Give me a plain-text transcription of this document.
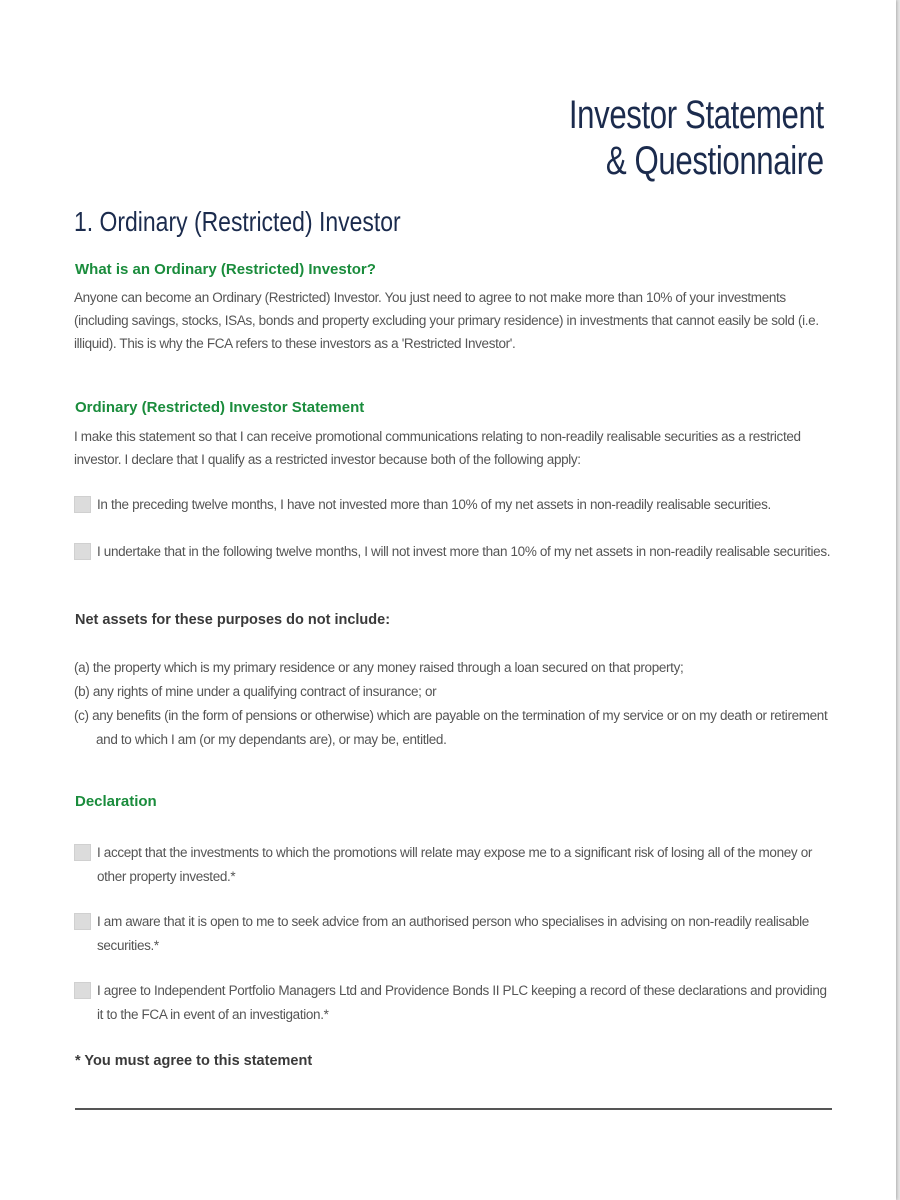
Investor Statement
& Questionnaire
1. Ordinary (Restricted) Investor
What is an Ordinary (Restricted) Investor?
Anyone can become an Ordinary (Restricted) Investor. You just need to agree to not make more than 10% of your investments (including savings, stocks, ISAs, bonds and property excluding your primary residence) in investments that cannot easily be sold (i.e. illiquid). This is why the FCA refers to these investors as a 'Restricted Investor'.
Ordinary (Restricted) Investor Statement
I make this statement so that I can receive promotional communications relating to non-readily realisable securities as a restricted investor. I declare that I qualify as a restricted investor because both of the following apply:
In the preceding twelve months, I have not invested more than 10% of my net assets in non-readily realisable securities.
I undertake that in the following twelve months, I will not invest more than 10% of my net assets in non-readily realisable securities.
Net assets for these purposes do not include:
(a) the property which is my primary residence or any money raised through a loan secured on that property;
(b) any rights of mine under a qualifying contract of insurance; or
(c) any benefits (in the form of pensions or otherwise) which are payable on the termination of my service or on my death or retirement and to which I am (or my dependants are), or may be, entitled.
Declaration
I accept that the investments to which the promotions will relate may expose me to a significant risk of losing all of the money or other property invested.*
I am aware that it is open to me to seek advice from an authorised person who specialises in advising on non-readily realisable securities.*
I agree to Independent Portfolio Managers Ltd and Providence Bonds II PLC keeping a record of these declarations and providing it to the FCA in event of an investigation.*
* You must agree to this statement
